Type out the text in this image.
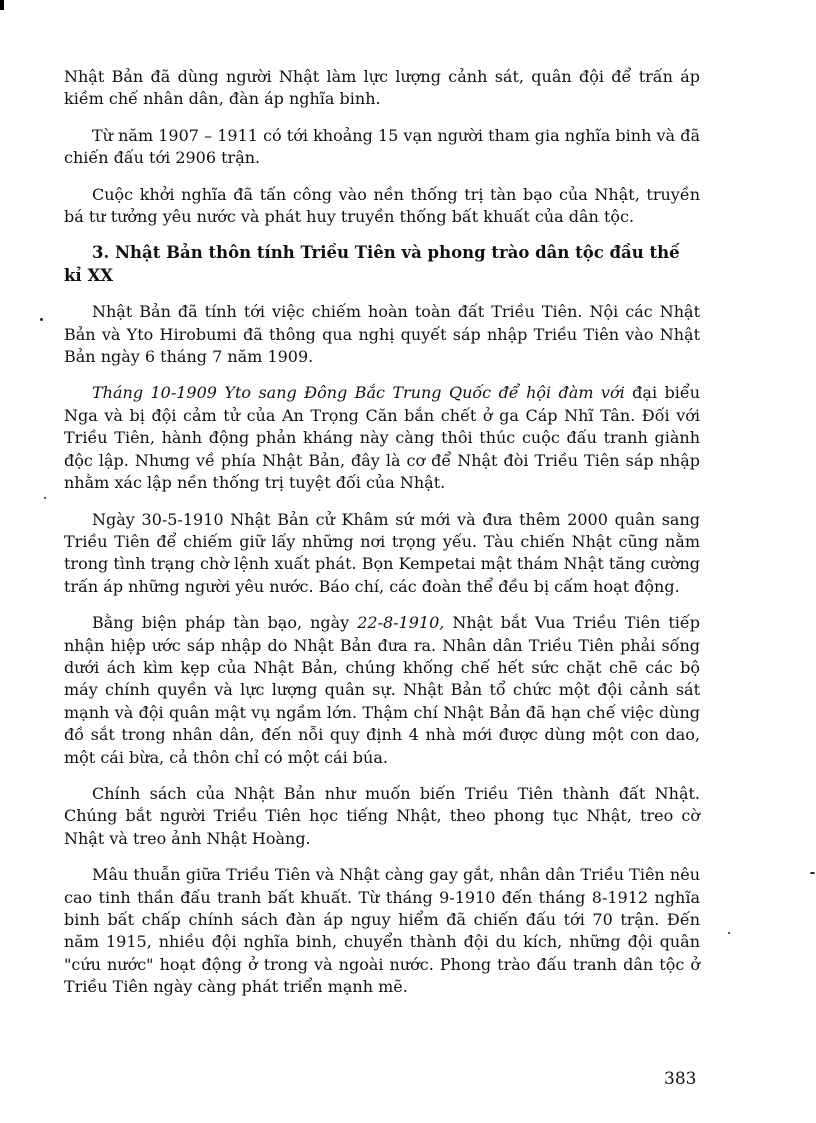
Nhật Bản đã dùng người Nhật làm lực lượng cảnh sát, quân đội để trấn áp kiềm chế nhân dân, đàn áp nghĩa binh.

Từ năm 1907 – 1911 có tới khoảng 15 vạn người tham gia nghĩa binh và đã chiến đấu tới 2906 trận.

Cuộc khởi nghĩa đã tấn công vào nền thống trị tàn bạo của Nhật, truyền bá tư tưởng yêu nước và phát huy truyền thống bất khuất của dân tộc.

3. Nhật Bản thôn tính Triều Tiên và phong trào dân tộc đầu thế kỉ XX

Nhật Bản đã tính tới việc chiếm hoàn toàn đất Triều Tiên. Nội các Nhật Bản và Yto Hirobumi đã thông qua nghị quyết sáp nhập Triều Tiên vào Nhật Bản ngày 6 tháng 7 năm 1909.

Tháng 10-1909 Yto sang Đông Bắc Trung Quốc để hội đàm với đại biểu Nga và bị đội cảm tử của An Trọng Căn bắn chết ở ga Cáp Nhĩ Tân. Đối với Triều Tiên, hành động phản kháng này càng thôi thúc cuộc đấu tranh giành độc lập. Nhưng về phía Nhật Bản, đây là cơ để Nhật đòi Triều Tiên sáp nhập nhằm xác lập nền thống trị tuyệt đối của Nhật.

Ngày 30-5-1910 Nhật Bản cử Khâm sứ mới và đưa thêm 2000 quân sang Triều Tiên để chiếm giữ lấy những nơi trọng yếu. Tàu chiến Nhật cũng nằm trong tình trạng chờ lệnh xuất phát. Bọn Kempetai mật thám Nhật tăng cường trấn áp những người yêu nước. Báo chí, các đoàn thể đều bị cấm hoạt động.

Bằng biện pháp tàn bạo, ngày 22-8-1910, Nhật bắt Vua Triều Tiên tiếp nhận hiệp ước sáp nhập do Nhật Bản đưa ra. Nhân dân Triều Tiên phải sống dưới ách kìm kẹp của Nhật Bản, chúng khống chế hết sức chặt chẽ các bộ máy chính quyền và lực lượng quân sự. Nhật Bản tổ chức một đội cảnh sát mạnh và đội quân mật vụ ngầm lớn. Thậm chí Nhật Bản đã hạn chế việc dùng đồ sắt trong nhân dân, đến nỗi quy định 4 nhà mới được dùng một con dao, một cái bừa, cả thôn chỉ có một cái búa.

Chính sách của Nhật Bản như muốn biến Triều Tiên thành đất Nhật. Chúng bắt người Triều Tiên học tiếng Nhật, theo phong tục Nhật, treo cờ Nhật và treo ảnh Nhật Hoàng.

Mâu thuẫn giữa Triều Tiên và Nhật càng gay gắt, nhân dân Triều Tiên nêu cao tinh thần đấu tranh bất khuất. Từ tháng 9-1910 đến tháng 8-1912 nghĩa binh bất chấp chính sách đàn áp nguy hiểm đã chiến đấu tới 70 trận. Đến năm 1915, nhiều đội nghĩa binh, chuyển thành đội du kích, những đội quân "cứu nước" hoạt động ở trong và ngoài nước. Phong trào đấu tranh dân tộc ở Triều Tiên ngày càng phát triển mạnh mẽ.

383
